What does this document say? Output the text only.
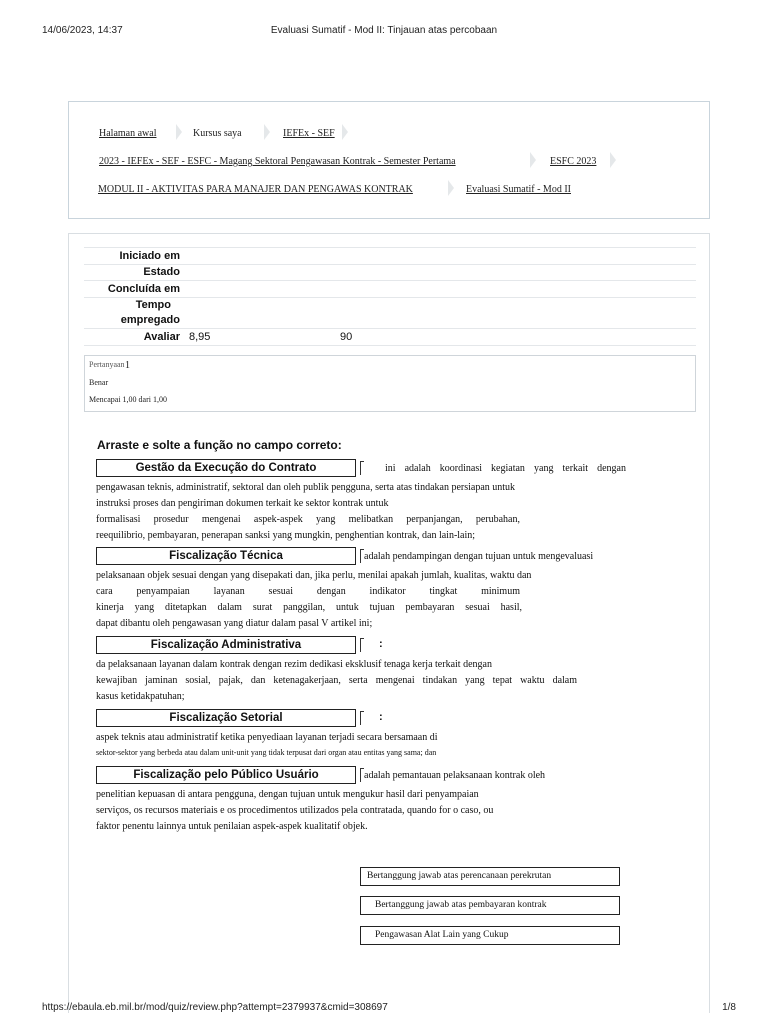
14/06/2023, 14:37	Evaluasi Sumatif - Mod II: Tinjauan atas percobaan
Halaman awal	Kursus saya	IEFEx - SEF
2023 - IEFEx - SEF - ESFC - Magang Sektoral Pengawasan Kontrak - Semester Pertama	ESFC 2023
MODUL II - AKTIVITAS PARA MANAJER DAN PENGAWAS KONTRAK	Evaluasi Sumatif - Mod II
Iniciado em
Estado
Concluída em
Tempo
empregado
Avaliar 8,95	90
Pertanyaan 1
Benar
Mencapai 1,00 dari 1,00
Arraste e solte a função no campo correto:
Gestão da Execução do Contrato	ini adalah koordinasi kegiatan yang terkait dengan
pengawasan teknis, administratif, sektoral dan oleh publik pengguna, serta atas tindakan persiapan untuk
instruksi proses dan pengiriman dokumen terkait ke sektor kontrak untuk
formalisasi prosedur mengenai aspek-aspek yang melibatkan perpanjangan, perubahan,
reequilibrio, pembayaran, penerapan sanksi yang mungkin, penghentian kontrak, dan lain-lain;
Fiscalização Técnica	adalah pendampingan dengan tujuan untuk mengevaluasi
pelaksanaan objek sesuai dengan yang disepakati dan, jika perlu, menilai apakah jumlah, kualitas, waktu dan
cara penyampaian layanan sesuai dengan indikator tingkat minimum
kinerja yang ditetapkan dalam surat panggilan, untuk tujuan pembayaran sesuai hasil,
dapat dibantu oleh pengawasan yang diatur dalam pasal V artikel ini;
Fiscalização Administrativa	:
da pelaksanaan layanan dalam kontrak dengan rezim dedikasi eksklusif tenaga kerja terkait dengan
kewajiban jaminan sosial, pajak, dan ketenagakerjaan, serta mengenai tindakan yang tepat waktu dalam
kasus ketidakpatuhan;
Fiscalização Setorial	:
aspek teknis atau administratif ketika penyediaan layanan terjadi secara bersamaan di
sektor-sektor yang berbeda atau dalam unit-unit yang tidak terpusat dari organ atau entitas yang sama; dan
Fiscalização pelo Público Usuário	adalah pemantauan pelaksanaan kontrak oleh
penelitian kepuasan di antara pengguna, dengan tujuan untuk mengukur hasil dari penyampaian
serviços, os recursos materiais e os procedimentos utilizados pela contratada, quando for o caso, ou
faktor penentu lainnya untuk penilaian aspek-aspek kualitatif objek.
Bertanggung jawab atas perencanaan perekrutan
Bertanggung jawab atas pembayaran kontrak
Pengawasan Alat Lain yang Cukup
https://ebaula.eb.mil.br/mod/quiz/review.php?attempt=2379937&cmid=308697	1/8
